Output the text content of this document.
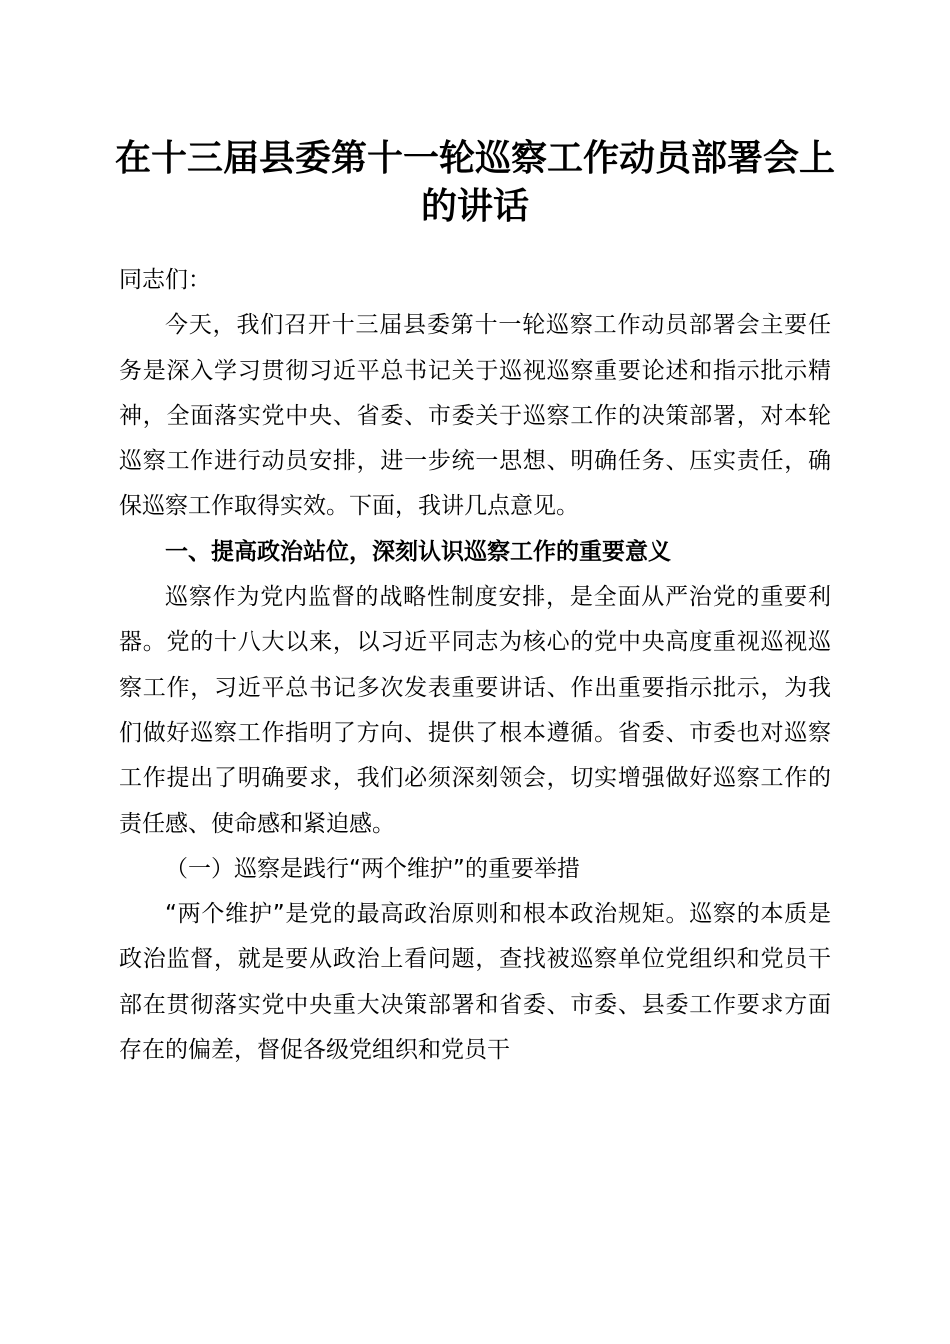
在十三届县委第十一轮巡察工作动员部署会上的讲话

同志们：

今天，我们召开十三届县委第十一轮巡察工作动员部署会主要任务是深入学习贯彻习近平总书记关于巡视巡察重要论述和指示批示精神，全面落实党中央、省委、市委关于巡察工作的决策部署，对本轮巡察工作进行动员安排，进一步统一思想、明确任务、压实责任，确保巡察工作取得实效。下面，我讲几点意见。

一、提高政治站位，深刻认识巡察工作的重要意义

巡察作为党内监督的战略性制度安排，是全面从严治党的重要利器。党的十八大以来，以习近平同志为核心的党中央高度重视巡视巡察工作，习近平总书记多次发表重要讲话、作出重要指示批示，为我们做好巡察工作指明了方向、提供了根本遵循。省委、市委也对巡察工作提出了明确要求，我们必须深刻领会，切实增强做好巡察工作的责任感、使命感和紧迫感。

（一）巡察是践行“两个维护”的重要举措

“两个维护”是党的最高政治原则和根本政治规矩。巡察的本质是政治监督，就是要从政治上看问题，查找被巡察单位党组织和党员干部在贯彻落实党中央重大决策部署和省委、市委、县委工作要求方面存在的偏差，督促各级党组织和党员干
